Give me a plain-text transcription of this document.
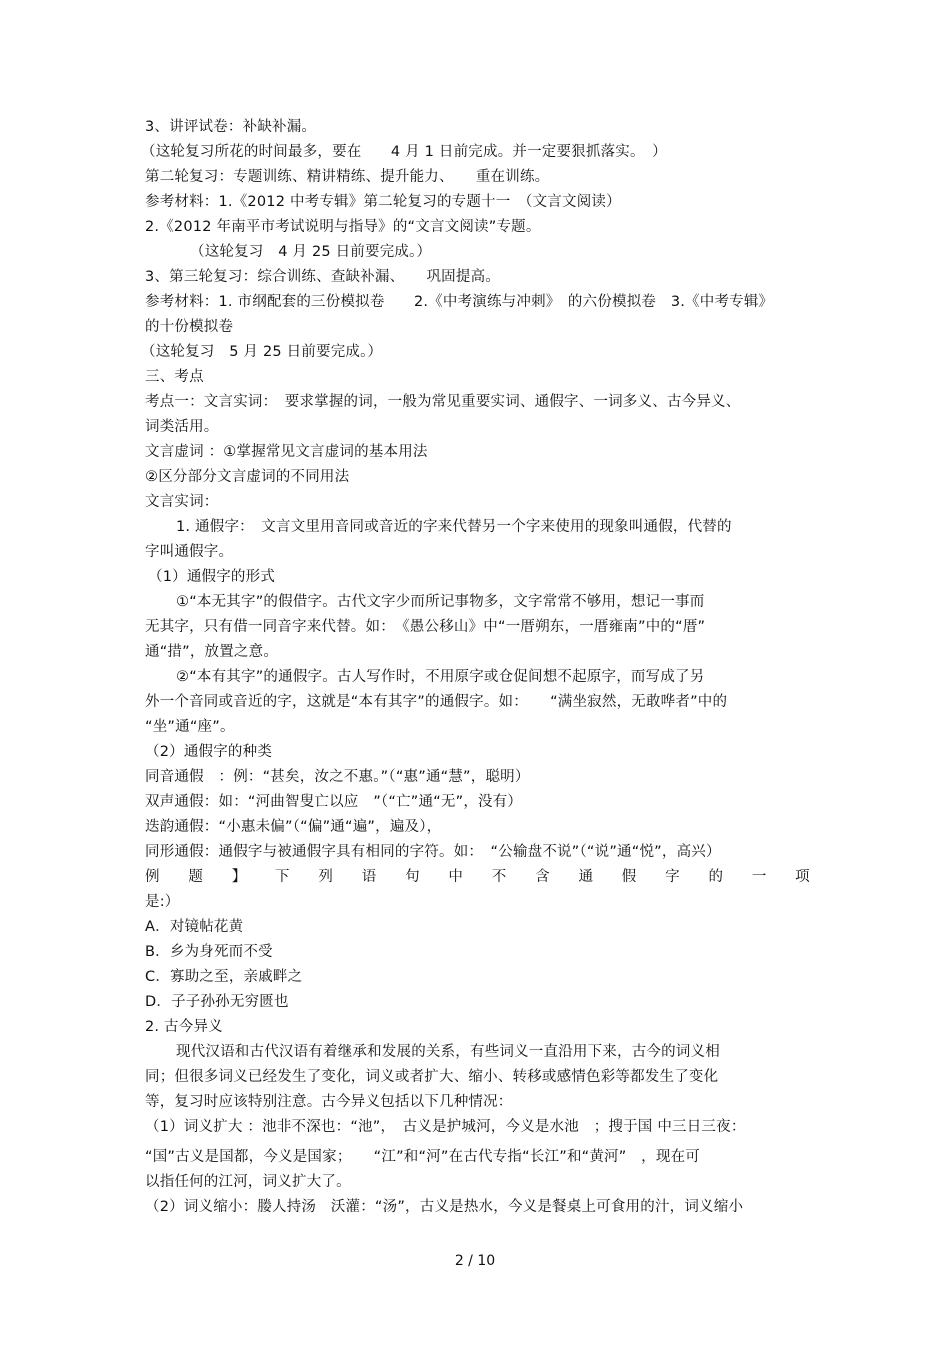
3、讲评试卷：补缺补漏。
（这轮复习所花的时间最多，要在　　4 月 1 日前完成。并一定要狠抓落实。　）
第二轮复习：专题训练、精讲精练、提升能力、　　重在训练。
参考材料：1.《2012 中考专辑》第二轮复习的专题十一　（文言文阅读）
2.《2012 年南平市考试说明与指导》的“文言文阅读”专题。
（这轮复习　4 月 25 日前要完成。）
3、第三轮复习：综合训练、查缺补漏、　　巩固提高。
参考材料：1. 市纲配套的三份模拟卷　　2.《中考演练与冲刺》　的六份模拟卷　3.《中考专辑》
的十份模拟卷
（这轮复习　5 月 25 日前要完成。）
三、考点
考点一：文言实词：　要求掌握的词，一般为常见重要实词、通假字、一词多义、古今异义、
词类活用。
文言虚词 ：①掌握常见文言虚词的基本用法
②区分部分文言虚词的不同用法
文言实词：
1. 通假字：　文言文里用音同或音近的字来代替另一个字来使用的现象叫通假，代替的
字叫通假字。
（1）通假字的形式
①“本无其字”的假借字。古代文字少而所记事物多，文字常常不够用，想记一事而
无其字，只有借一同音字来代替。如：　《愚公移山》中“一厝朔东，一厝雍南”中的“厝”
通“措”，放置之意。
②“本有其字”的通假字。古人写作时，不用原字或仓促间想不起原字，而写成了另
外一个音同或音近的字，这就是“本有其字”的通假字。如：　　“满坐寂然，无敢哗者”中的
“坐”通“座”。
（2）通假字的种类
同音通假　：例：“甚矣，汝之不惠。”（“惠”通“慧”，聪明）
双声通假：如：“河曲智叟亡以应　”（“亡”通“无”，没有）
迭韵通假：“小惠未偏”（“偏”通“遍”，遍及），
同形通假：通假字与被通假字具有相同的字符。如：　“公输盘不说”（“说”通“悦”，高兴）
例 题 】 下 列 语 句 中 不 含 通 假 字 的 一 项
是:）
A．对镜帖花黄
B．乡为身死而不受
C．寡助之至，亲戚畔之
D．子子孙孙无穷匮也
2. 古今异义
现代汉语和古代汉语有着继承和发展的关系，有些词义一直沿用下来，古今的词义相
同；但很多词义已经发生了变化，词义或者扩大、缩小、转移或感情色彩等都发生了变化
等，复习时应该特别注意。古今异义包括以下几种情况：
（1）词义扩大 ：池非不深也：“池”，　古义是护城河，今义是水池　；搜于国 中三日三夜：
“国”古义是国都，今义是国家；　　“江”和“河”在古代专指“长江”和“黄河”　，现在可
以指任何的江河，词义扩大了。
（2）词义缩小：媵人持汤　沃灌：“汤”，古义是热水，今义是餐桌上可食用的汁，词义缩小
2 / 10
